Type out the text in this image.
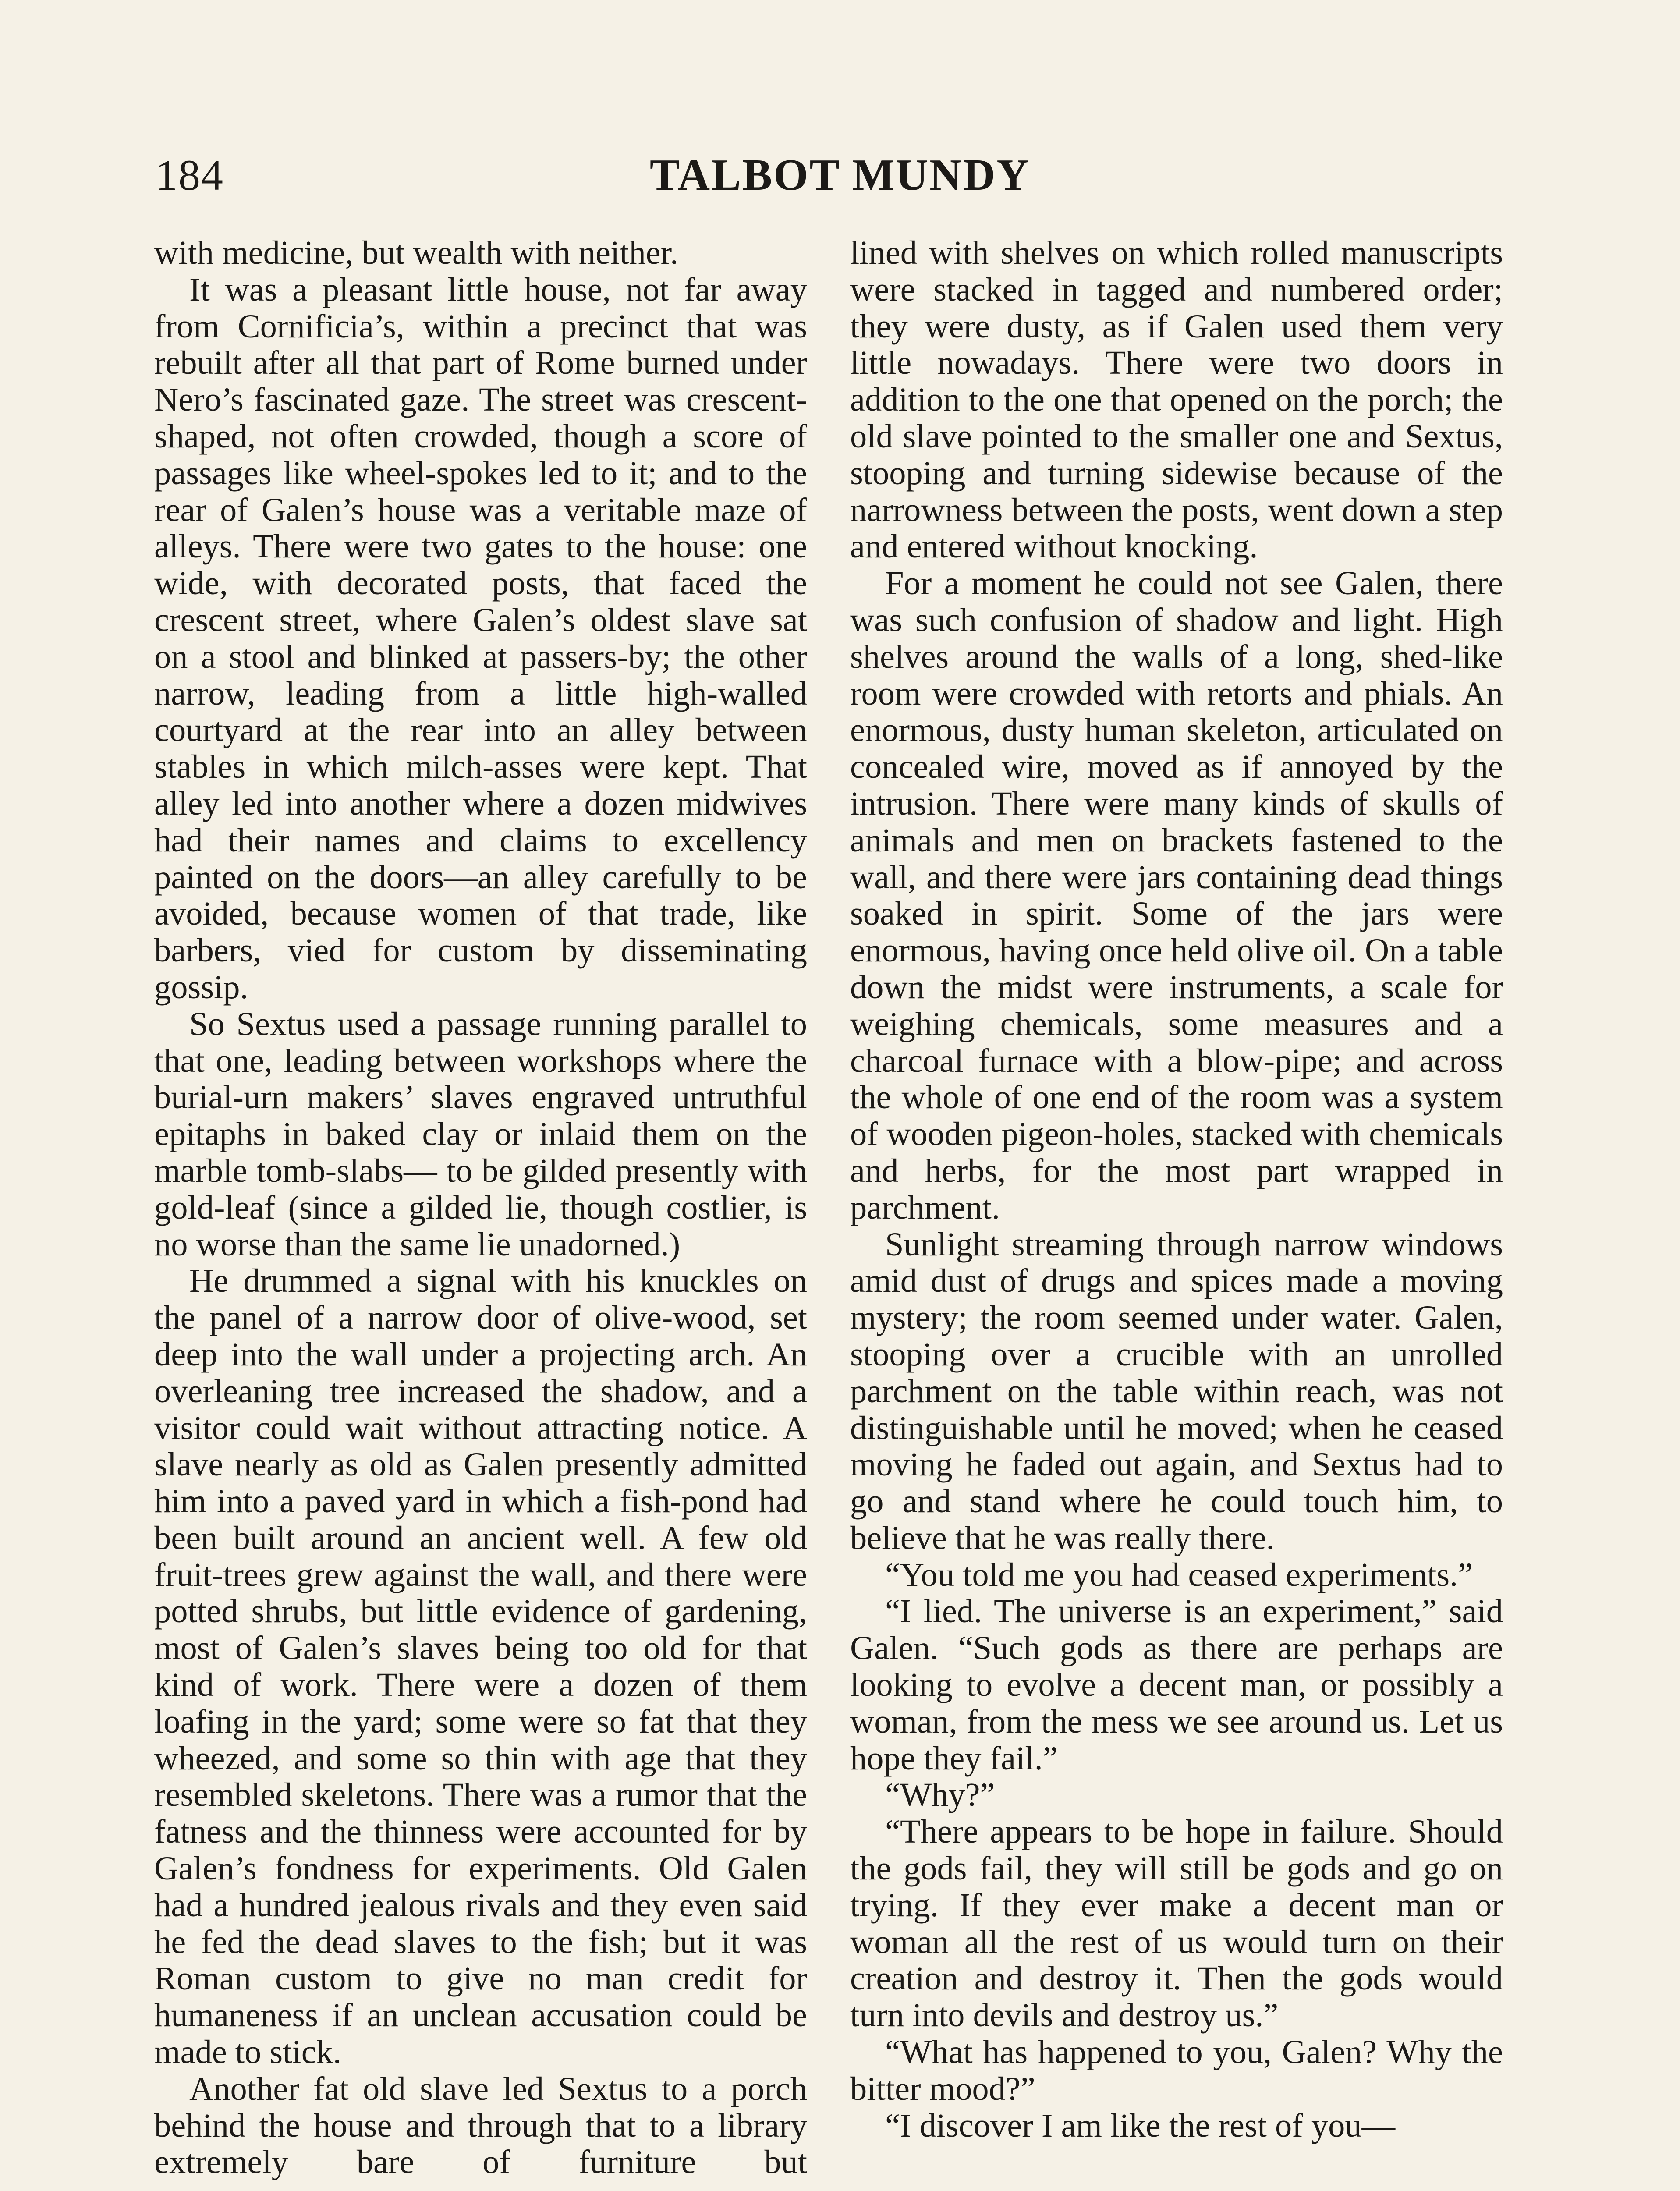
184	TALBOT MUNDY

with medicine, but wealth with neither.

It was a pleasant little house, not far away from Cornificia’s, within a precinct that was rebuilt after all that part of Rome burned under Nero’s fascinated gaze. The street was crescent-shaped, not often crowded, though a score of passages like wheel-spokes led to it; and to the rear of Galen’s house was a veritable maze of alleys. There were two gates to the house: one wide, with decorated posts, that faced the crescent street, where Galen’s oldest slave sat on a stool and blinked at passers-by; the other narrow, leading from a little high-walled courtyard at the rear into an alley between stables in which milch-asses were kept. That alley led into another where a dozen midwives had their names and claims to excellency painted on the doors—an alley carefully to be avoided, because women of that trade, like barbers, vied for custom by disseminating gossip.

So Sextus used a passage running parallel to that one, leading between workshops where the burial-urn makers’ slaves engraved untruthful epitaphs in baked clay or inlaid them on the marble tomb-slabs— to be gilded presently with gold-leaf (since a gilded lie, though costlier, is no worse than the same lie unadorned.)

He drummed a signal with his knuckles on the panel of a narrow door of olive-wood, set deep into the wall under a projecting arch. An overleaning tree increased the shadow, and a visitor could wait without attracting notice. A slave nearly as old as Galen presently admitted him into a paved yard in which a fish-pond had been built around an ancient well. A few old fruit-trees grew against the wall, and there were potted shrubs, but little evidence of gardening, most of Galen’s slaves being too old for that kind of work. There were a dozen of them loafing in the yard; some were so fat that they wheezed, and some so thin with age that they resembled skeletons. There was a rumor that the fatness and the thinness were accounted for by Galen’s fondness for experiments. Old Galen had a hundred jealous rivals and they even said he fed the dead slaves to the fish; but it was Roman custom to give no man credit for humaneness if an unclean accusation could be made to stick.

Another fat old slave led Sextus to a porch behind the house and through that to a library extremely bare of furniture but

lined with shelves on which rolled manuscripts were stacked in tagged and numbered order; they were dusty, as if Galen used them very little nowadays. There were two doors in addition to the one that opened on the porch; the old slave pointed to the smaller one and Sextus, stooping and turning sidewise because of the narrowness between the posts, went down a step and entered without knocking.

For a moment he could not see Galen, there was such confusion of shadow and light. High shelves around the walls of a long, shed-like room were crowded with retorts and phials. An enormous, dusty human skeleton, articulated on concealed wire, moved as if annoyed by the intrusion. There were many kinds of skulls of animals and men on brackets fastened to the wall, and there were jars containing dead things soaked in spirit. Some of the jars were enormous, having once held olive oil. On a table down the midst were instruments, a scale for weighing chemicals, some measures and a charcoal furnace with a blow-pipe; and across the whole of one end of the room was a system of wooden pigeon-holes, stacked with chemicals and herbs, for the most part wrapped in parchment.

Sunlight streaming through narrow windows amid dust of drugs and spices made a moving mystery; the room seemed under water. Galen, stooping over a crucible with an unrolled parchment on the table within reach, was not distinguishable until he moved; when he ceased moving he faded out again, and Sextus had to go and stand where he could touch him, to believe that he was really there.

“You told me you had ceased experiments.”

“I lied. The universe is an experiment,” said Galen. “Such gods as there are perhaps are looking to evolve a decent man, or possibly a woman, from the mess we see around us. Let us hope they fail.”

“Why?”

“There appears to be hope in failure. Should the gods fail, they will still be gods and go on trying. If they ever make a decent man or woman all the rest of us would turn on their creation and destroy it. Then the gods would turn into devils and destroy us.”

“What has happened to you, Galen? Why the bitter mood?”

“I discover I am like the rest of you—
